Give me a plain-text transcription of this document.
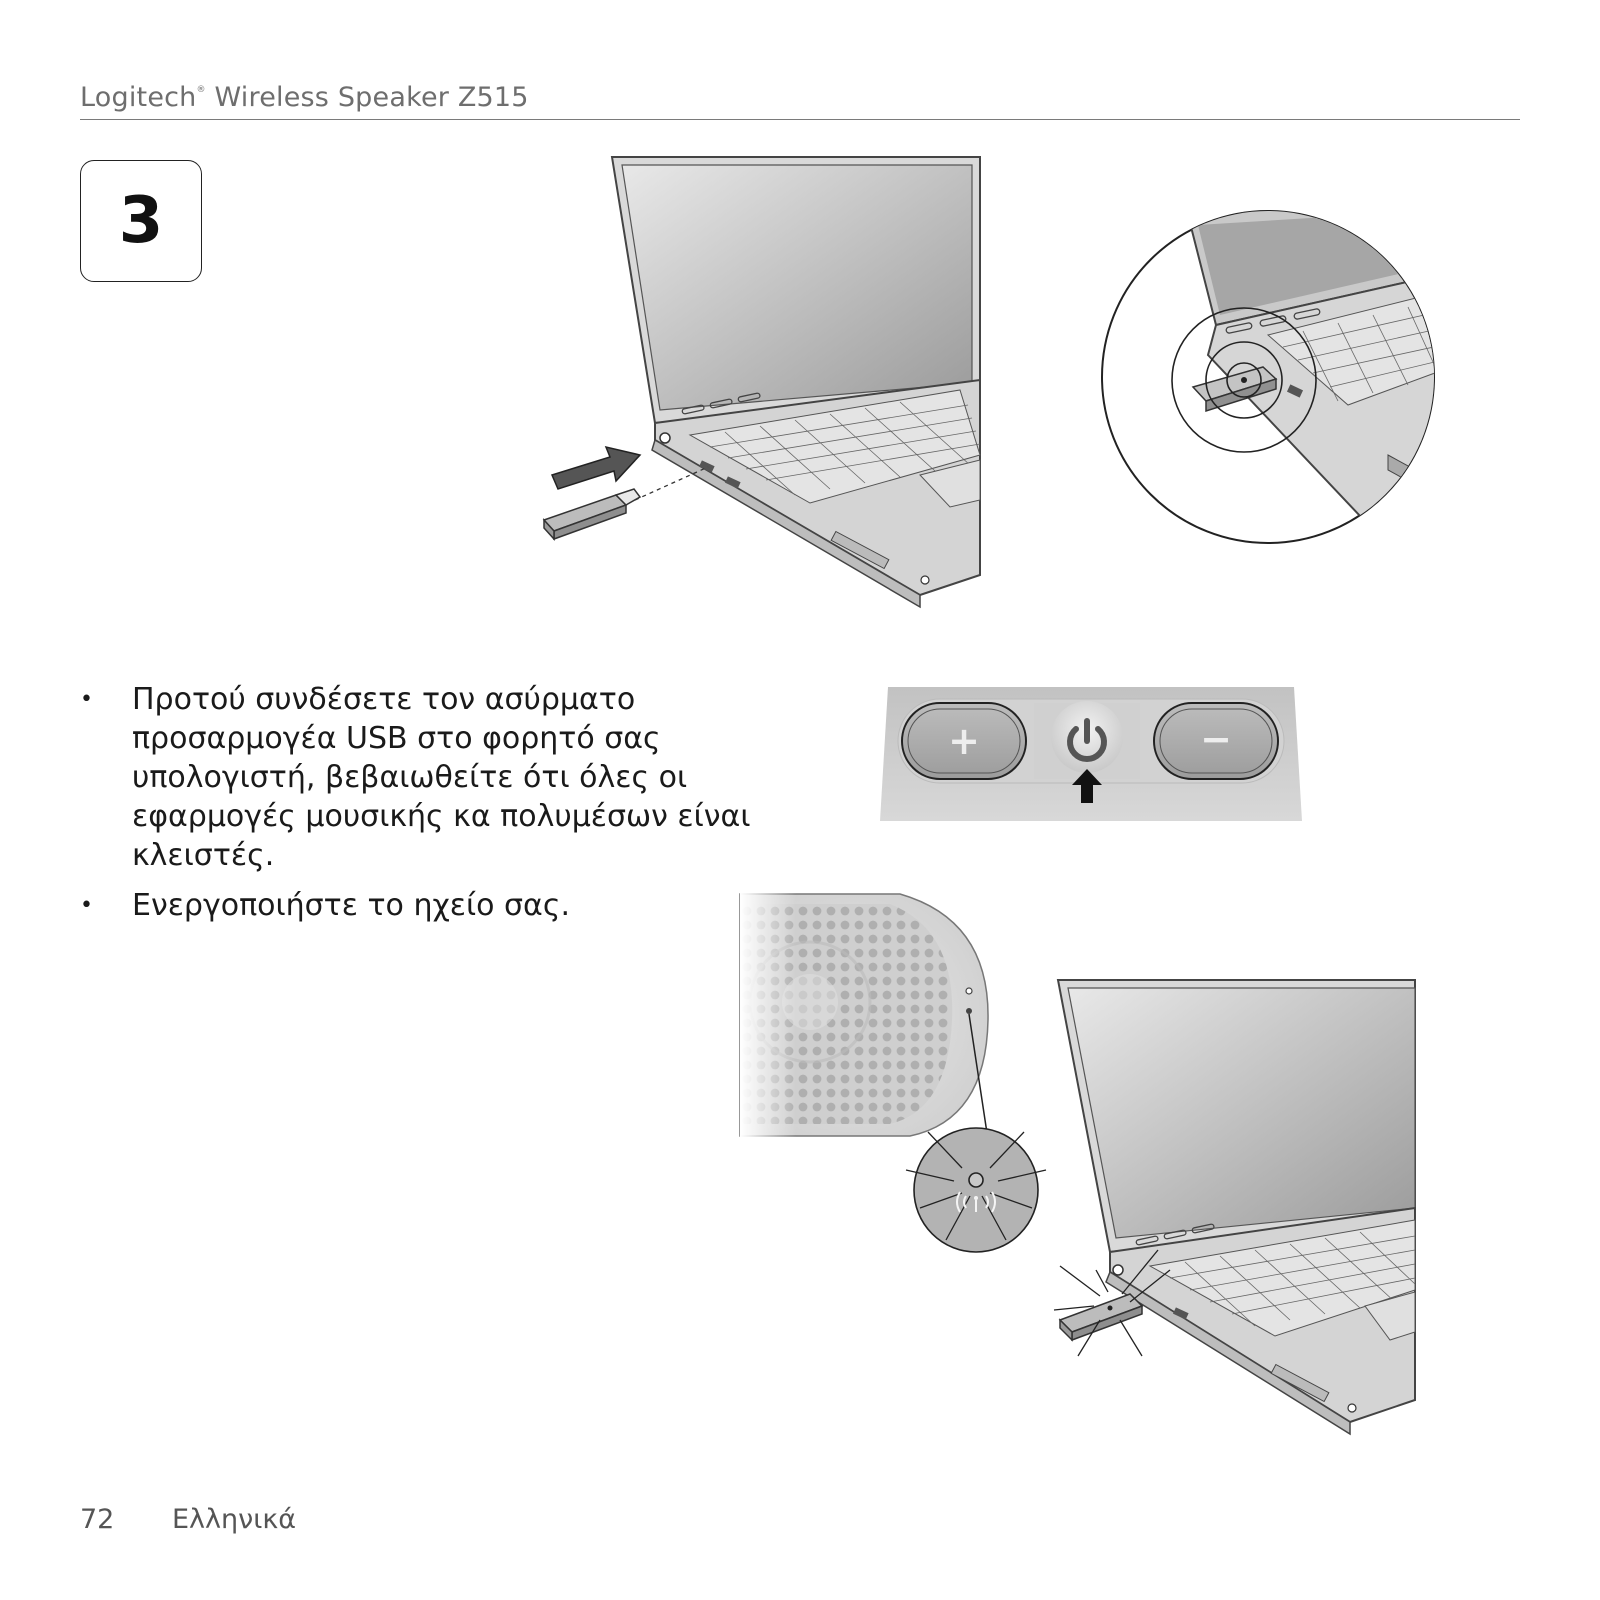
Logitech® Wireless Speaker Z515
3
• Προτού συνδέσετε τον ασύρματο προσαρμογέα USB στο φορητό σας υπολογιστή, βεβαιωθείτε ότι όλες οι εφαρμογές μουσικής κα πολυμέσων είναι κλειστές.
• Ενεργοποιήστε το ηχείο σας.
+	−
72 Ελληνικά
